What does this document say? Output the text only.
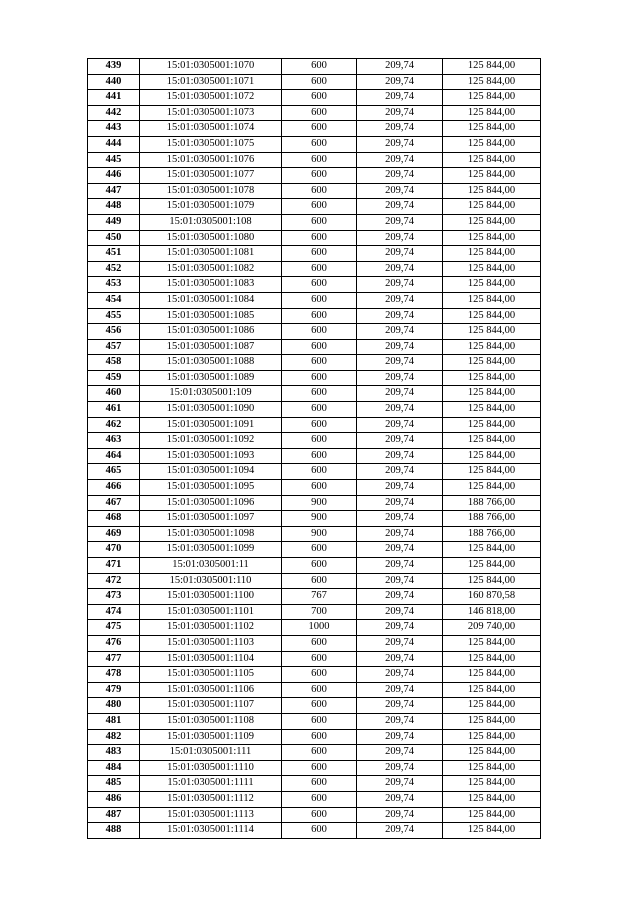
439	15:01:0305001:1070	600	209,74	125 844,00
440	15:01:0305001:1071	600	209,74	125 844,00
441	15:01:0305001:1072	600	209,74	125 844,00
442	15:01:0305001:1073	600	209,74	125 844,00
443	15:01:0305001:1074	600	209,74	125 844,00
444	15:01:0305001:1075	600	209,74	125 844,00
445	15:01:0305001:1076	600	209,74	125 844,00
446	15:01:0305001:1077	600	209,74	125 844,00
447	15:01:0305001:1078	600	209,74	125 844,00
448	15:01:0305001:1079	600	209,74	125 844,00
449	15:01:0305001:108	600	209,74	125 844,00
450	15:01:0305001:1080	600	209,74	125 844,00
451	15:01:0305001:1081	600	209,74	125 844,00
452	15:01:0305001:1082	600	209,74	125 844,00
453	15:01:0305001:1083	600	209,74	125 844,00
454	15:01:0305001:1084	600	209,74	125 844,00
455	15:01:0305001:1085	600	209,74	125 844,00
456	15:01:0305001:1086	600	209,74	125 844,00
457	15:01:0305001:1087	600	209,74	125 844,00
458	15:01:0305001:1088	600	209,74	125 844,00
459	15:01:0305001:1089	600	209,74	125 844,00
460	15:01:0305001:109	600	209,74	125 844,00
461	15:01:0305001:1090	600	209,74	125 844,00
462	15:01:0305001:1091	600	209,74	125 844,00
463	15:01:0305001:1092	600	209,74	125 844,00
464	15:01:0305001:1093	600	209,74	125 844,00
465	15:01:0305001:1094	600	209,74	125 844,00
466	15:01:0305001:1095	600	209,74	125 844,00
467	15:01:0305001:1096	900	209,74	188 766,00
468	15:01:0305001:1097	900	209,74	188 766,00
469	15:01:0305001:1098	900	209,74	188 766,00
470	15:01:0305001:1099	600	209,74	125 844,00
471	15:01:0305001:11	600	209,74	125 844,00
472	15:01:0305001:110	600	209,74	125 844,00
473	15:01:0305001:1100	767	209,74	160 870,58
474	15:01:0305001:1101	700	209,74	146 818,00
475	15:01:0305001:1102	1000	209,74	209 740,00
476	15:01:0305001:1103	600	209,74	125 844,00
477	15:01:0305001:1104	600	209,74	125 844,00
478	15:01:0305001:1105	600	209,74	125 844,00
479	15:01:0305001:1106	600	209,74	125 844,00
480	15:01:0305001:1107	600	209,74	125 844,00
481	15:01:0305001:1108	600	209,74	125 844,00
482	15:01:0305001:1109	600	209,74	125 844,00
483	15:01:0305001:111	600	209,74	125 844,00
484	15:01:0305001:1110	600	209,74	125 844,00
485	15:01:0305001:1111	600	209,74	125 844,00
486	15:01:0305001:1112	600	209,74	125 844,00
487	15:01:0305001:1113	600	209,74	125 844,00
488	15:01:0305001:1114	600	209,74	125 844,00
